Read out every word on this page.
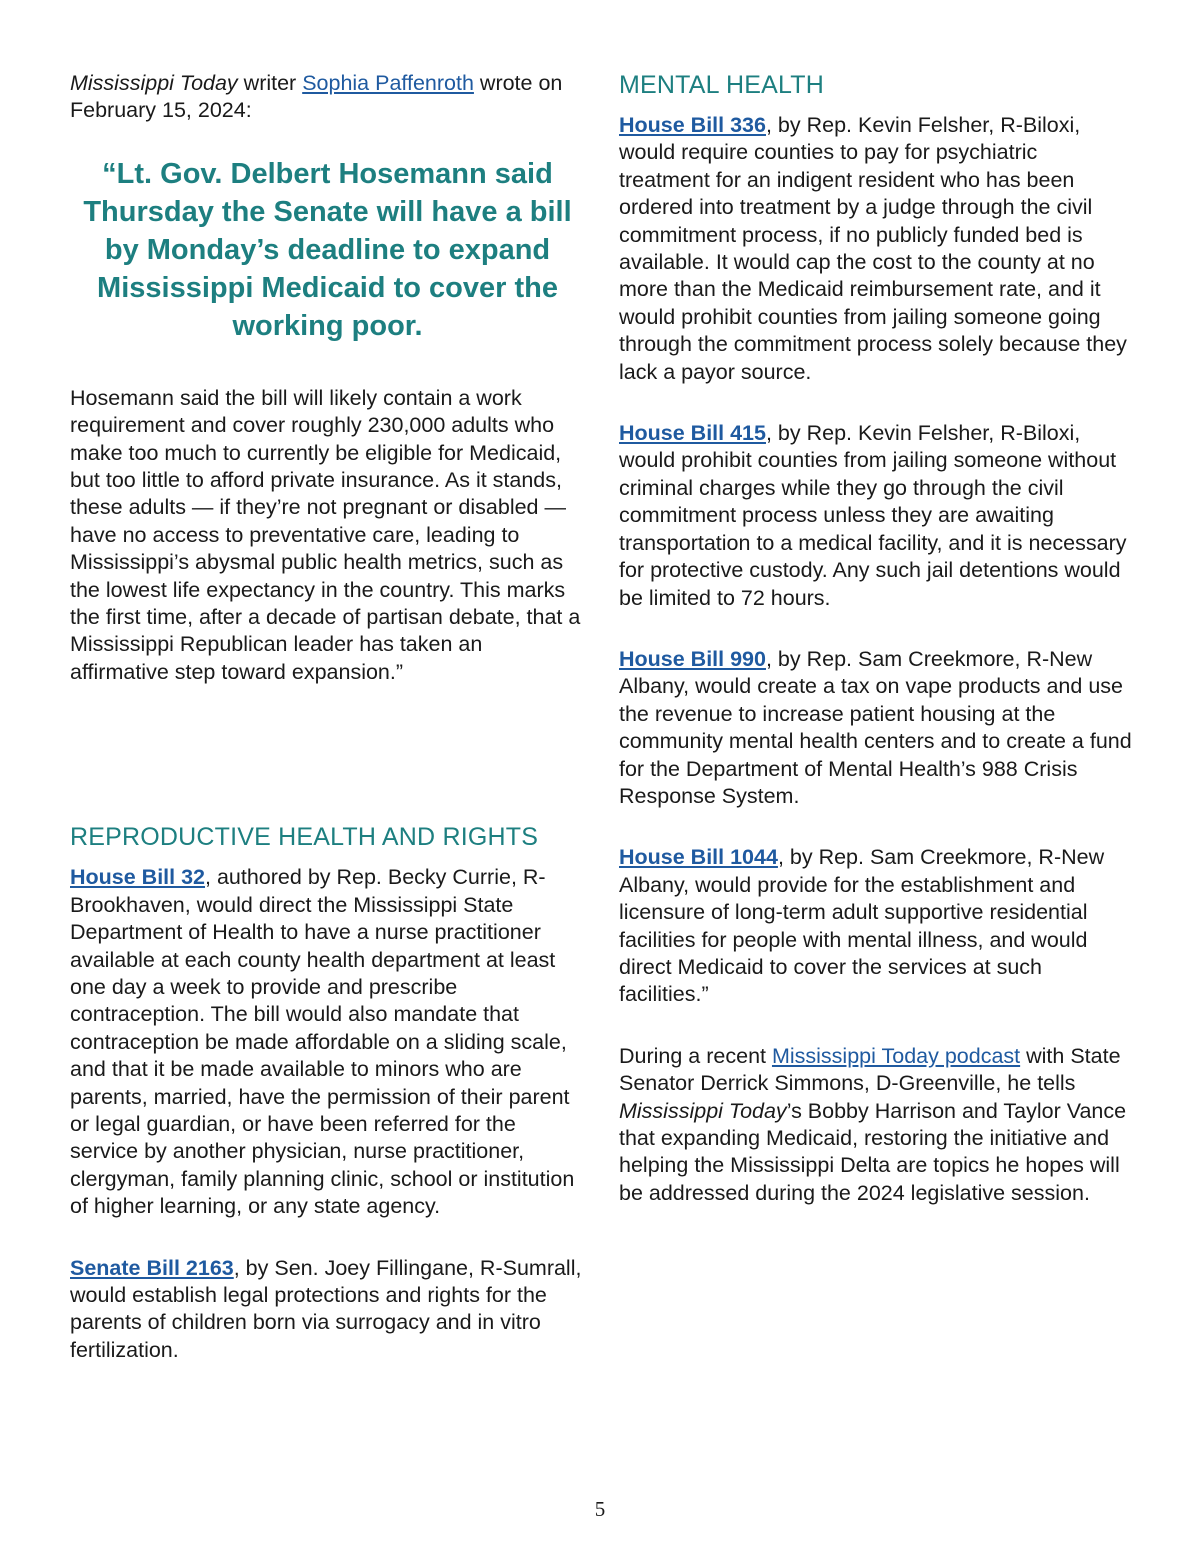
Mississippi Today writer Sophia Paffenroth wrote on February 15, 2024:

“Lt. Gov. Delbert Hosemann said Thursday the Senate will have a bill by Monday’s deadline to expand Mississippi Medicaid to cover the working poor.

Hosemann said the bill will likely contain a work requirement and cover roughly 230,000 adults who make too much to currently be eligible for Medicaid, but too little to afford private insurance. As it stands, these adults — if they’re not pregnant or disabled — have no access to preventative care, leading to Mississippi’s abysmal public health metrics, such as the lowest life expectancy in the country. This marks the first time, after a decade of partisan debate, that a Mississippi Republican leader has taken an affirmative step toward expansion.”

REPRODUCTIVE HEALTH AND RIGHTS

House Bill 32, authored by Rep. Becky Currie, R-Brookhaven, would direct the Mississippi State Department of Health to have a nurse practitioner available at each county health department at least one day a week to provide and prescribe contraception. The bill would also mandate that contraception be made affordable on a sliding scale, and that it be made available to minors who are parents, married, have the permission of their parent or legal guardian, or have been referred for the service by another physician, nurse practitioner, clergyman, family planning clinic, school or institution of higher learning, or any state agency.

Senate Bill 2163, by Sen. Joey Fillingane, R-Sumrall, would establish legal protections and rights for the parents of children born via surrogacy and in vitro fertilization.

MENTAL HEALTH

House Bill 336, by Rep. Kevin Felsher, R-Biloxi, would require counties to pay for psychiatric treatment for an indigent resident who has been ordered into treatment by a judge through the civil commitment process, if no publicly funded bed is available. It would cap the cost to the county at no more than the Medicaid reimbursement rate, and it would prohibit counties from jailing someone going through the commitment process solely because they lack a payor source.

House Bill 415, by Rep. Kevin Felsher, R-Biloxi, would prohibit counties from jailing someone without criminal charges while they go through the civil commitment process unless they are awaiting transportation to a medical facility, and it is necessary for protective custody. Any such jail detentions would be limited to 72 hours.

House Bill 990, by Rep. Sam Creekmore, R-New Albany, would create a tax on vape products and use the revenue to increase patient housing at the community mental health centers and to create a fund for the Department of Mental Health’s 988 Crisis Response System.

House Bill 1044, by Rep. Sam Creekmore, R-New Albany, would provide for the establishment and licensure of long-term adult supportive residential facilities for people with mental illness, and would direct Medicaid to cover the services at such facilities.”

During a recent Mississippi Today podcast with State Senator Derrick Simmons, D-Greenville, he tells Mississippi Today’s Bobby Harrison and Taylor Vance that expanding Medicaid, restoring the initiative and helping the Mississippi Delta are topics he hopes will be addressed during the 2024 legislative session.

5
